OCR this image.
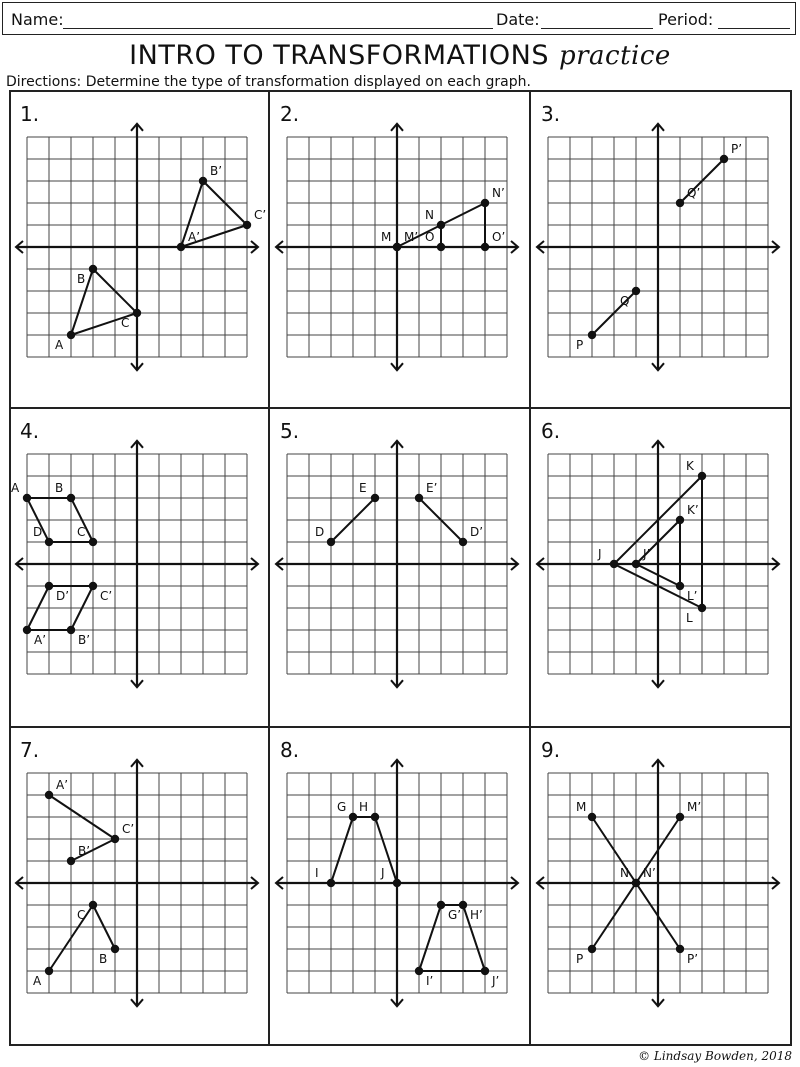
Name:	Date:	Period:
INTRO TO TRANSFORMATIONS practice
Directions: Determine the type of transformation displayed on each graph.
1.
A
B
C
A’
B’
C’
2.
M
N
O
M’
N’
O’
3.
P
Q
P’
Q’
4.
A	B
C
D
D’	C’
B’
A’
5.
D
E	E’
D’
6.
J
K
L
J’
K’
L’
7.
A
C
B
A’
C’
B’
8.
I
G H
J
G’ H’
J’
I’
9.
M
P
N
M’
P’
N’
© Lindsay Bowden, 2018
